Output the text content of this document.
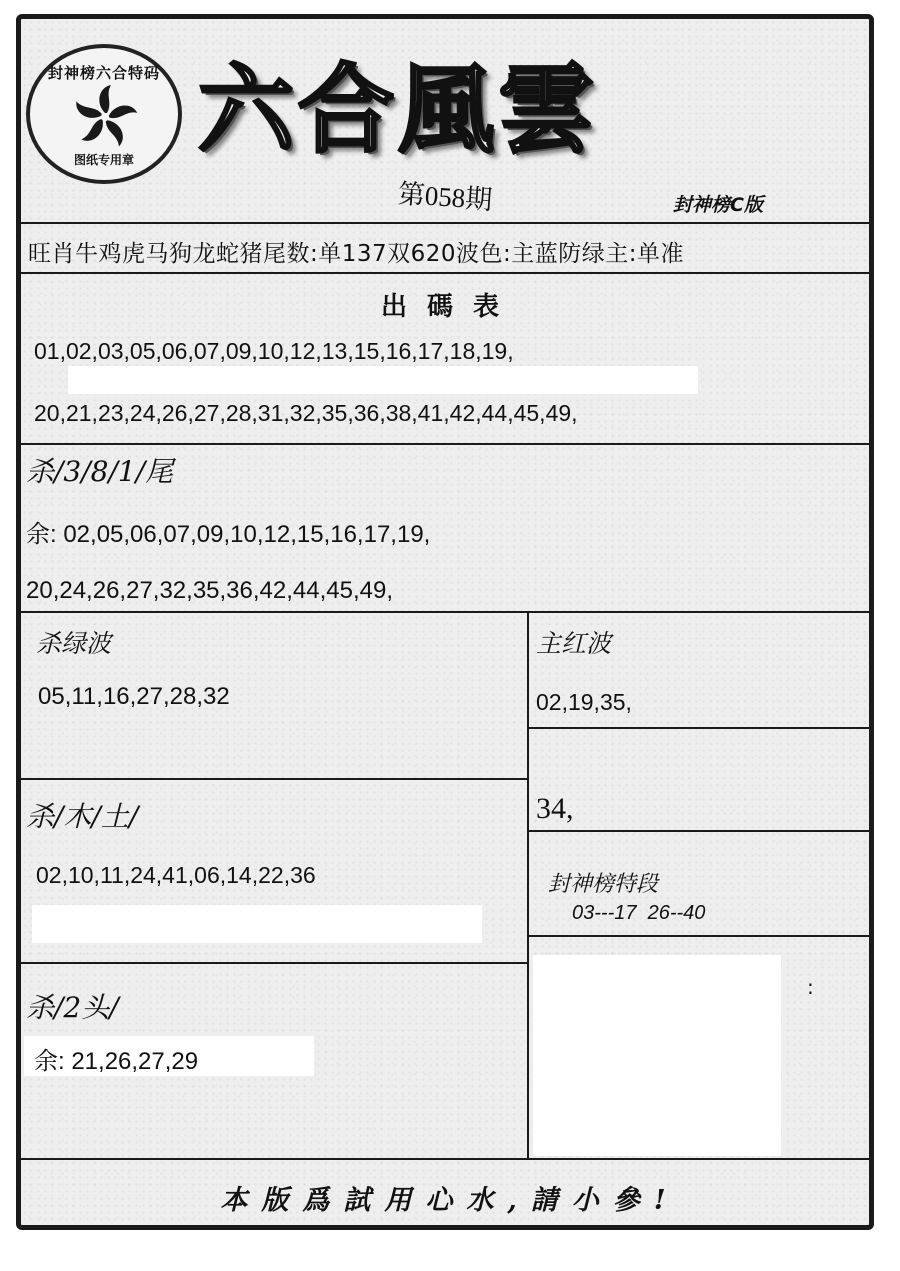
封神榜六合特码
图纸专用章 六合風雲
第058期	封神榜C版
旺肖牛鸡虎马狗龙蛇猪尾数:单137双620波色:主蓝防绿主:单准
出碼表
01,02,03,05,06,07,09,10,12,13,15,16,17,18,19,
20,21,23,24,26,27,28,31,32,35,36,38,41,42,44,45,49,
杀/3/8/1/尾
余: 02,05,06,07,09,10,12,15,16,17,19,
20,24,26,27,32,35,36,42,44,45,49,
杀绿波
05,11,16,27,28,32
主红波
02,19,35,
34,
杀/木/土/
02,10,11,24,41,06,14,22,36	封神榜特段
03---17  26--40
杀/2头/
余: 21,26,27,29
:
本版爲試用心水,請小參!
